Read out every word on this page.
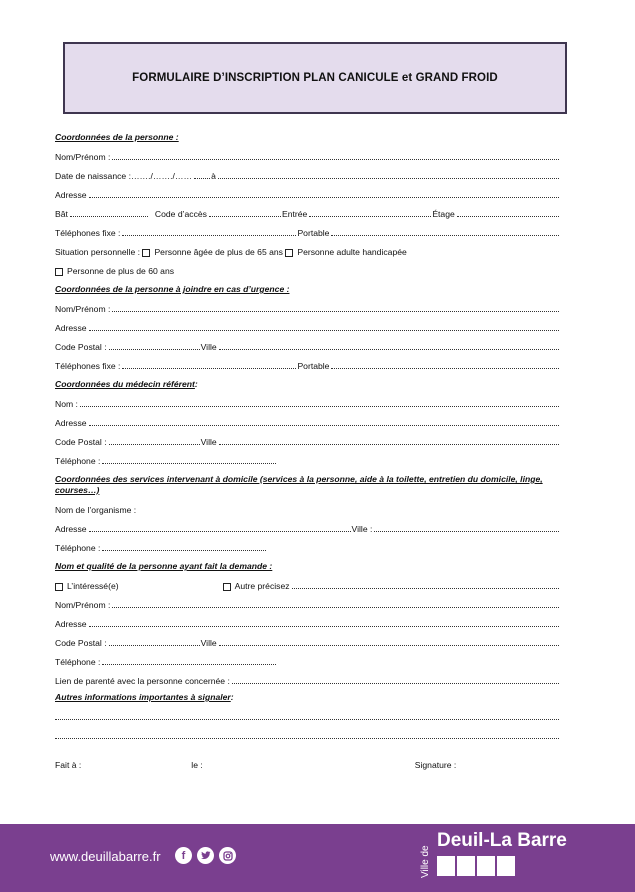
FORMULAIRE D’INSCRIPTION PLAN CANICULE et GRAND FROID
Coordonnées de la personne :
Nom/Prénom :
Date de naissance :……./……./…… à
Adresse
Bât	Code d’accès	Entrée	Étage
Téléphones fixe :	Portable
Situation personnelle :
Personne âgée de plus de 65 ans
Personne adulte handicapée
Personne de plus de 60 ans
Coordonnées de la personne à joindre en cas d’urgence :
Nom/Prénom :
Adresse
Code Postal :	Ville
Téléphones fixe :	Portable
Coordonnées du médecin référent:
Nom :
Adresse
Code Postal :	Ville
Téléphone :
Coordonnées des services intervenant à domicile (services à la personne, aide à la toilette, entretien du domicile, linge,
courses…)
Nom de l’organisme :
Adresse	Ville :
Téléphone :
Nom et qualité de la personne ayant fait la demande :
L’intéressé(e)	Autre précisez
Nom/Prénom :
Adresse
Code Postal :	Ville
Téléphone :
Lien de parenté avec la personne concernée :
Autres informations importantes à signaler:
Fait à :	le :	Signature :
www.deuillabarre.fr	f	Ville de
Deuil-La Barre
